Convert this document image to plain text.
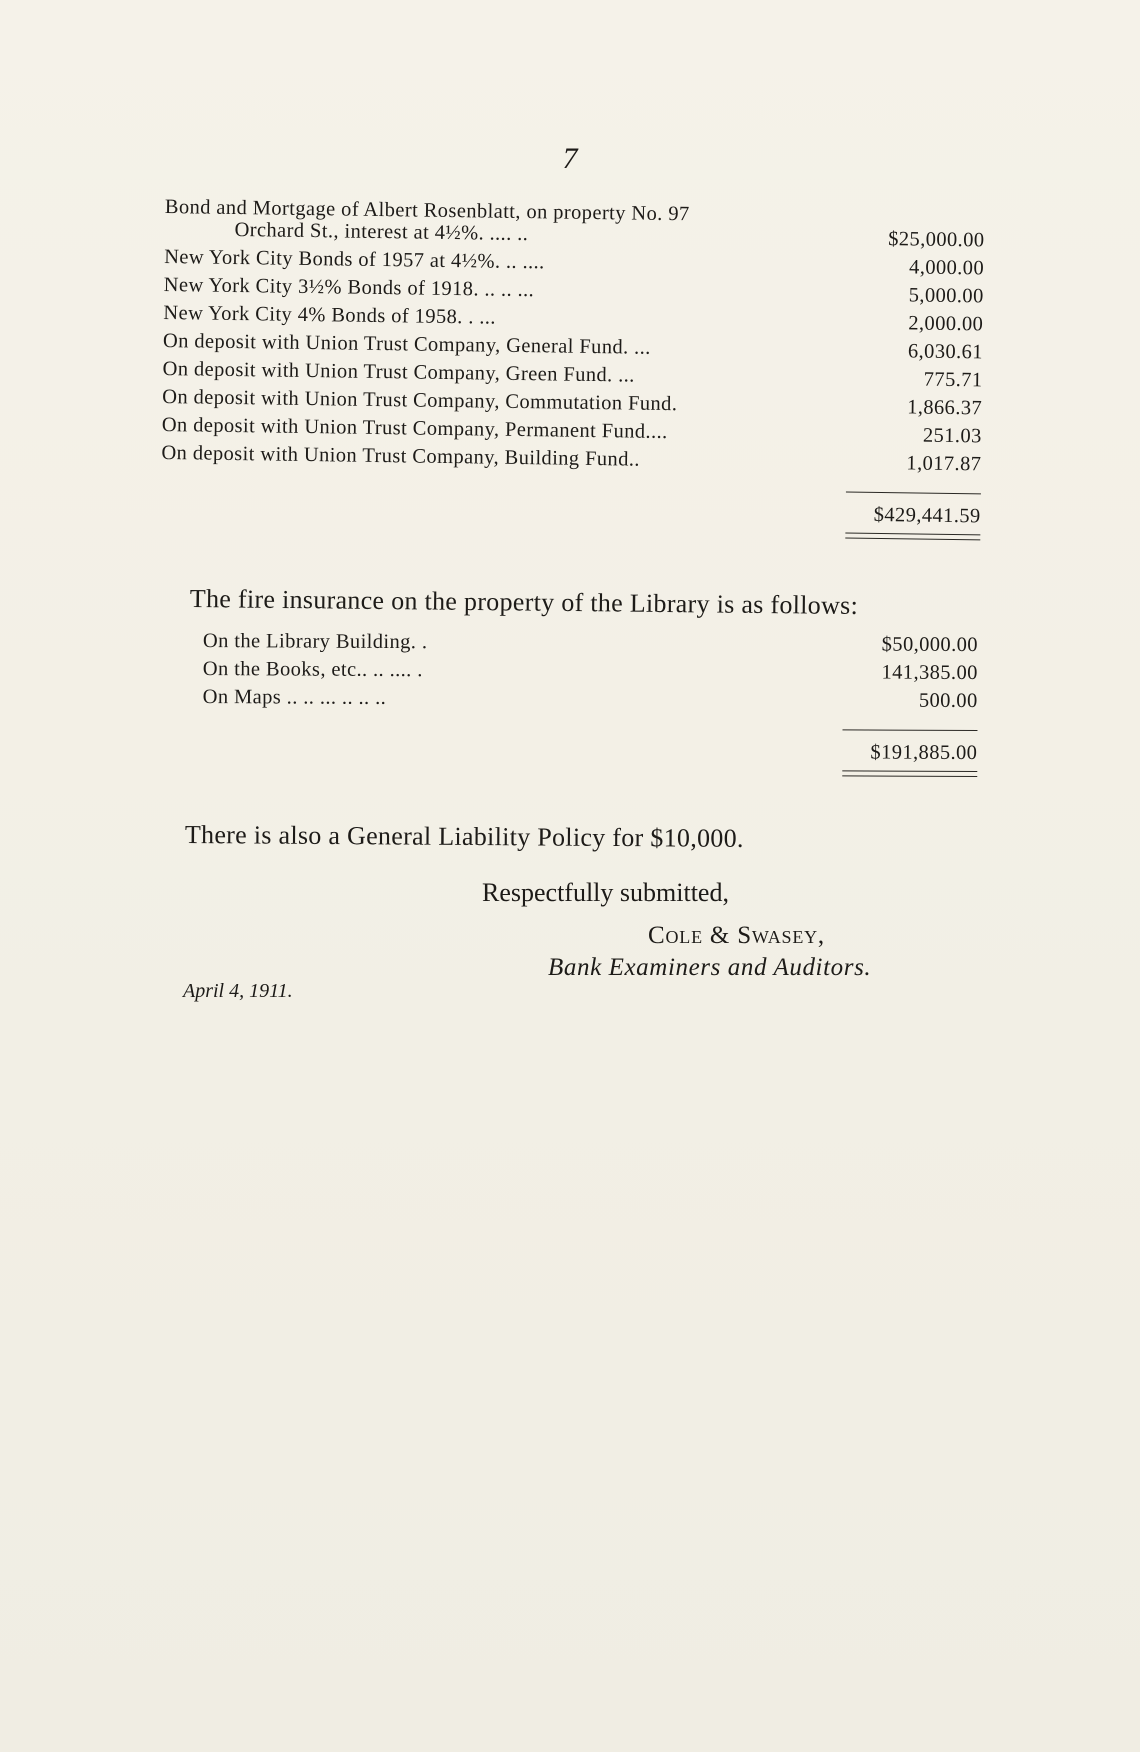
7
Bond and Mortgage of Albert Rosenblatt, on property No. 97
Orchard St., interest at 4½%. .... ..	$25,000.00
New York City Bonds of 1957 at 4½%. .. ....	4,000.00
New York City 3½% Bonds of 1918. .. .. ...	5,000.00
New York City 4% Bonds of 1958. . ...	2,000.00
On deposit with Union Trust Company, General Fund. ...	6,030.61
On deposit with Union Trust Company, Green Fund. ...	775.71
On deposit with Union Trust Company, Commutation Fund.	1,866.37
On deposit with Union Trust Company, Permanent Fund....	251.03
On deposit with Union Trust Company, Building Fund..	1,017.87
$429,441.59
The fire insurance on the property of the Library is as follows:
On the Library Building. .	$50,000.00
On the Books, etc.. .. .... .	141,385.00
On Maps .. .. ... .. .. ..	500.00
$191,885.00
There is also a General Liability Policy for $10,000.
Respectfully submitted,
Cole & Swasey,
Bank Examiners and Auditors.
April 4, 1911.
